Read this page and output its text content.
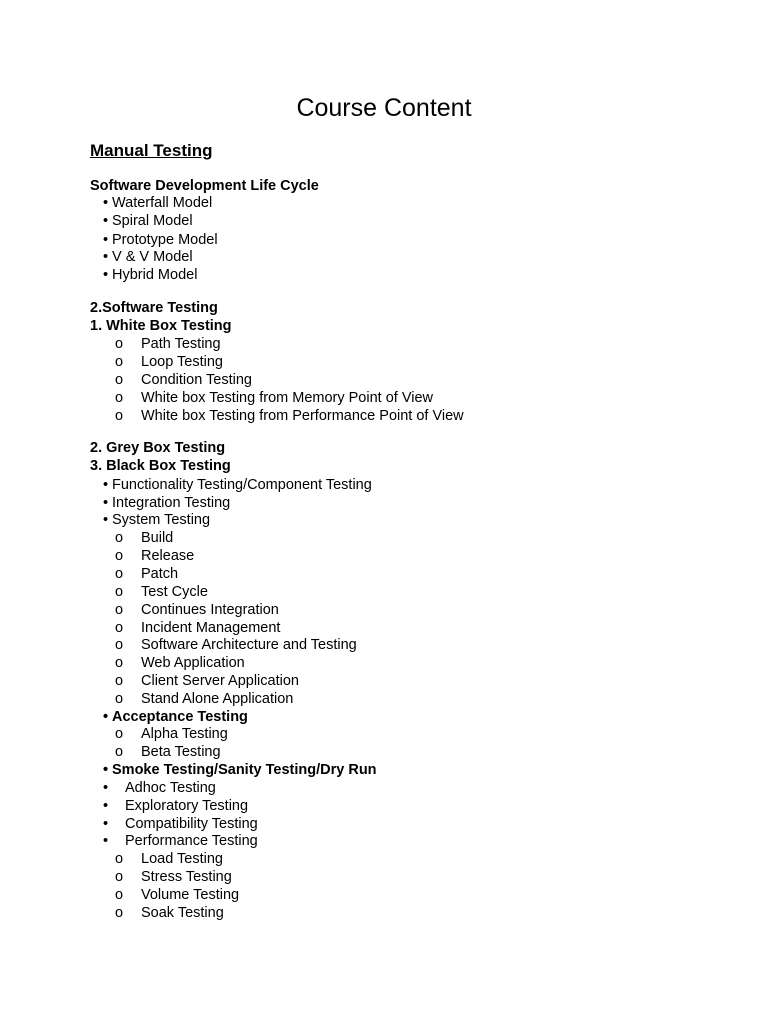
Course Content
Manual Testing
Software Development Life Cycle
• Waterfall Model
• Spiral Model
• Prototype Model
• V & V Model
• Hybrid Model
2.Software Testing
1. White Box Testing
o Path Testing
o Loop Testing
o Condition Testing
o White box Testing from Memory Point of View
o White box Testing from Performance Point of View
2. Grey Box Testing
3. Black Box Testing
• Functionality Testing/Component Testing
• Integration Testing
• System Testing
o Build
o Release
o Patch
o Test Cycle
o Continues Integration
o Incident Management
o Software Architecture and Testing
o Web Application
o Client Server Application
o Stand Alone Application
• Acceptance Testing
o Alpha Testing
o Beta Testing
• Smoke Testing/Sanity Testing/Dry Run
• Adhoc Testing
• Exploratory Testing
• Compatibility Testing
• Performance Testing
o Load Testing
o Stress Testing
o Volume Testing
o Soak Testing
